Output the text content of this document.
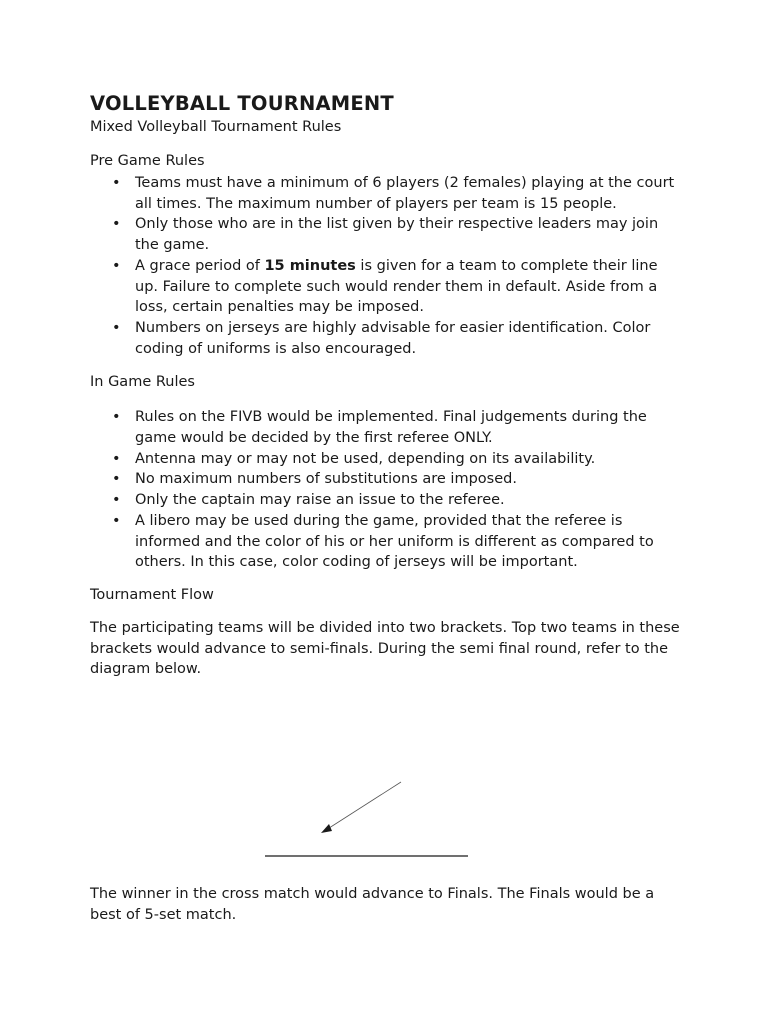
VOLLEYBALL TOURNAMENT

Mixed Volleyball Tournament Rules

Pre Game Rules
• Teams must have a minimum of 6 players (2 females) playing at the court all times. The maximum number of players per team is 15 people.
• Only those who are in the list given by their respective leaders may join the game.
• A grace period of 15 minutes is given for a team to complete their line up. Failure to complete such would render them in default. Aside from a loss, certain penalties may be imposed.
• Numbers on jerseys are highly advisable for easier identification. Color coding of uniforms is also encouraged.
In Game Rules
• Rules on the FIVB would be implemented. Final judgements during the game would be decided by the first referee ONLY.
• Antenna may or may not be used, depending on its availability.
• No maximum numbers of substitutions are imposed.
• Only the captain may raise an issue to the referee.
• A libero may be used during the game, provided that the referee is informed and the color of his or her uniform is different as compared to others. In this case, color coding of jerseys will be important.
Tournament Flow

The participating teams will be divided into two brackets. Top two teams in these brackets would advance to semi-finals. During the semi final round, refer to the diagram below.

The winner in the cross match would advance to Finals. The Finals would be a best of 5-set match.
